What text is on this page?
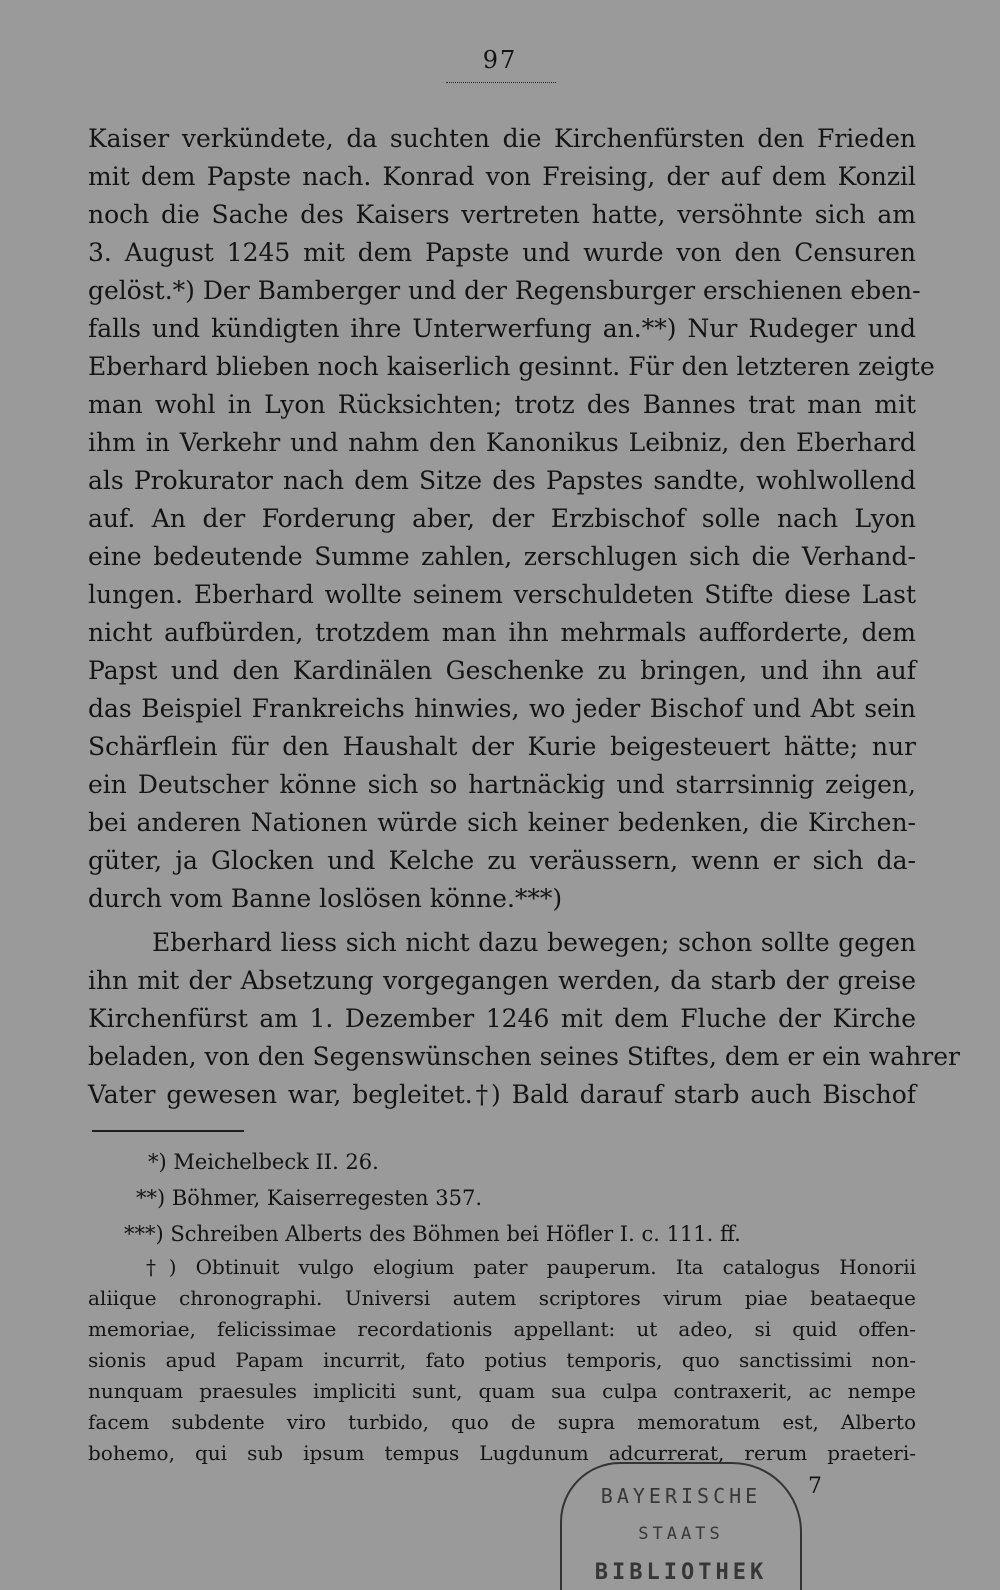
97
Kaiser verkündete, da suchten die Kirchenfürsten den Frieden
mit dem Papste nach. Konrad von Freising, der auf dem Konzil
noch die Sache des Kaisers vertreten hatte, versöhnte sich am
3. August 1245 mit dem Papste und wurde von den Censuren
gelöst.*) Der Bamberger und der Regensburger erschienen eben-
falls und kündigten ihre Unterwerfung an.**) Nur Rudeger und
Eberhard blieben noch kaiserlich gesinnt. Für den letzteren zeigte
man wohl in Lyon Rücksichten; trotz des Bannes trat man mit
ihm in Verkehr und nahm den Kanonikus Leibniz, den Eberhard
als Prokurator nach dem Sitze des Papstes sandte, wohlwollend
auf. An der Forderung aber, der Erzbischof solle nach Lyon
eine bedeutende Summe zahlen, zerschlugen sich die Verhand-
lungen. Eberhard wollte seinem verschuldeten Stifte diese Last
nicht aufbürden, trotzdem man ihn mehrmals aufforderte, dem
Papst und den Kardinälen Geschenke zu bringen, und ihn auf
das Beispiel Frankreichs hinwies, wo jeder Bischof und Abt sein
Schärflein für den Haushalt der Kurie beigesteuert hätte; nur
ein Deutscher könne sich so hartnäckig und starrsinnig zeigen,
bei anderen Nationen würde sich keiner bedenken, die Kirchen-
güter, ja Glocken und Kelche zu veräussern, wenn er sich da-
durch vom Banne loslösen könne.***)
Eberhard liess sich nicht dazu bewegen; schon sollte gegen
ihn mit der Absetzung vorgegangen werden, da starb der greise
Kirchenfürst am 1. Dezember 1246 mit dem Fluche der Kirche
beladen, von den Segenswünschen seines Stiftes, dem er ein wahrer
Vater gewesen war, begleitet.†) Bald darauf starb auch Bischof
*) Meichelbeck II. 26.
**) Böhmer, Kaiserregesten 357.
***) Schreiben Alberts des Böhmen bei Höfler I. c. 111. ff.
†) Obtinuit vulgo elogium pater pauperum. Ita catalogus Honorii
aliique chronographi. Universi autem scriptores virum piae beataeque
memoriae, felicissimae recordationis appellant: ut adeo, si quid offen-
sionis apud Papam incurrit, fato potius temporis, quo sanctissimi non-
nunquam praesules impliciti sunt, quam sua culpa contraxerit, ac nempe
facem subdente viro turbido, quo de supra memoratum est, Alberto
bohemo, qui sub ipsum tempus Lugdunum adcurrerat, rerum praeteri-
BAYERISCHE
STAATS
BIBLIOTHEK
7
